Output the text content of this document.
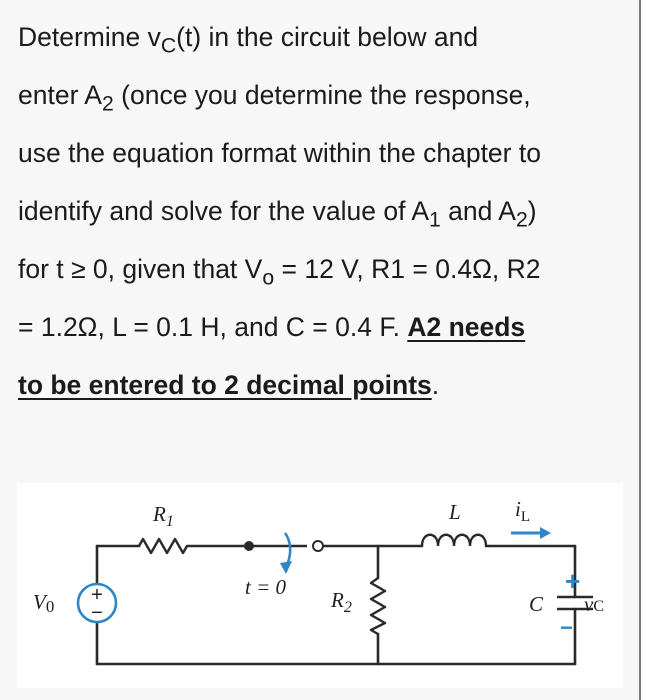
Determine $v_C(t)$ in the circuit below and
enter $A_2$ (once you determine the response,
use the equation format within the chapter to
identify and solve for the value of $A_1$ and $A_2$)
for t ≥ 0, given that $V_o = 12$ V, R1 = 0.4Ω, R2
= 1.2Ω, L = 0.1 H, and C = 0.4 F. A2 needs
to be entered to 2 decimal points.
$R_1$
t = 0
$R_2$
L	$i_L$
+
−
V0	C
+
−
vC
